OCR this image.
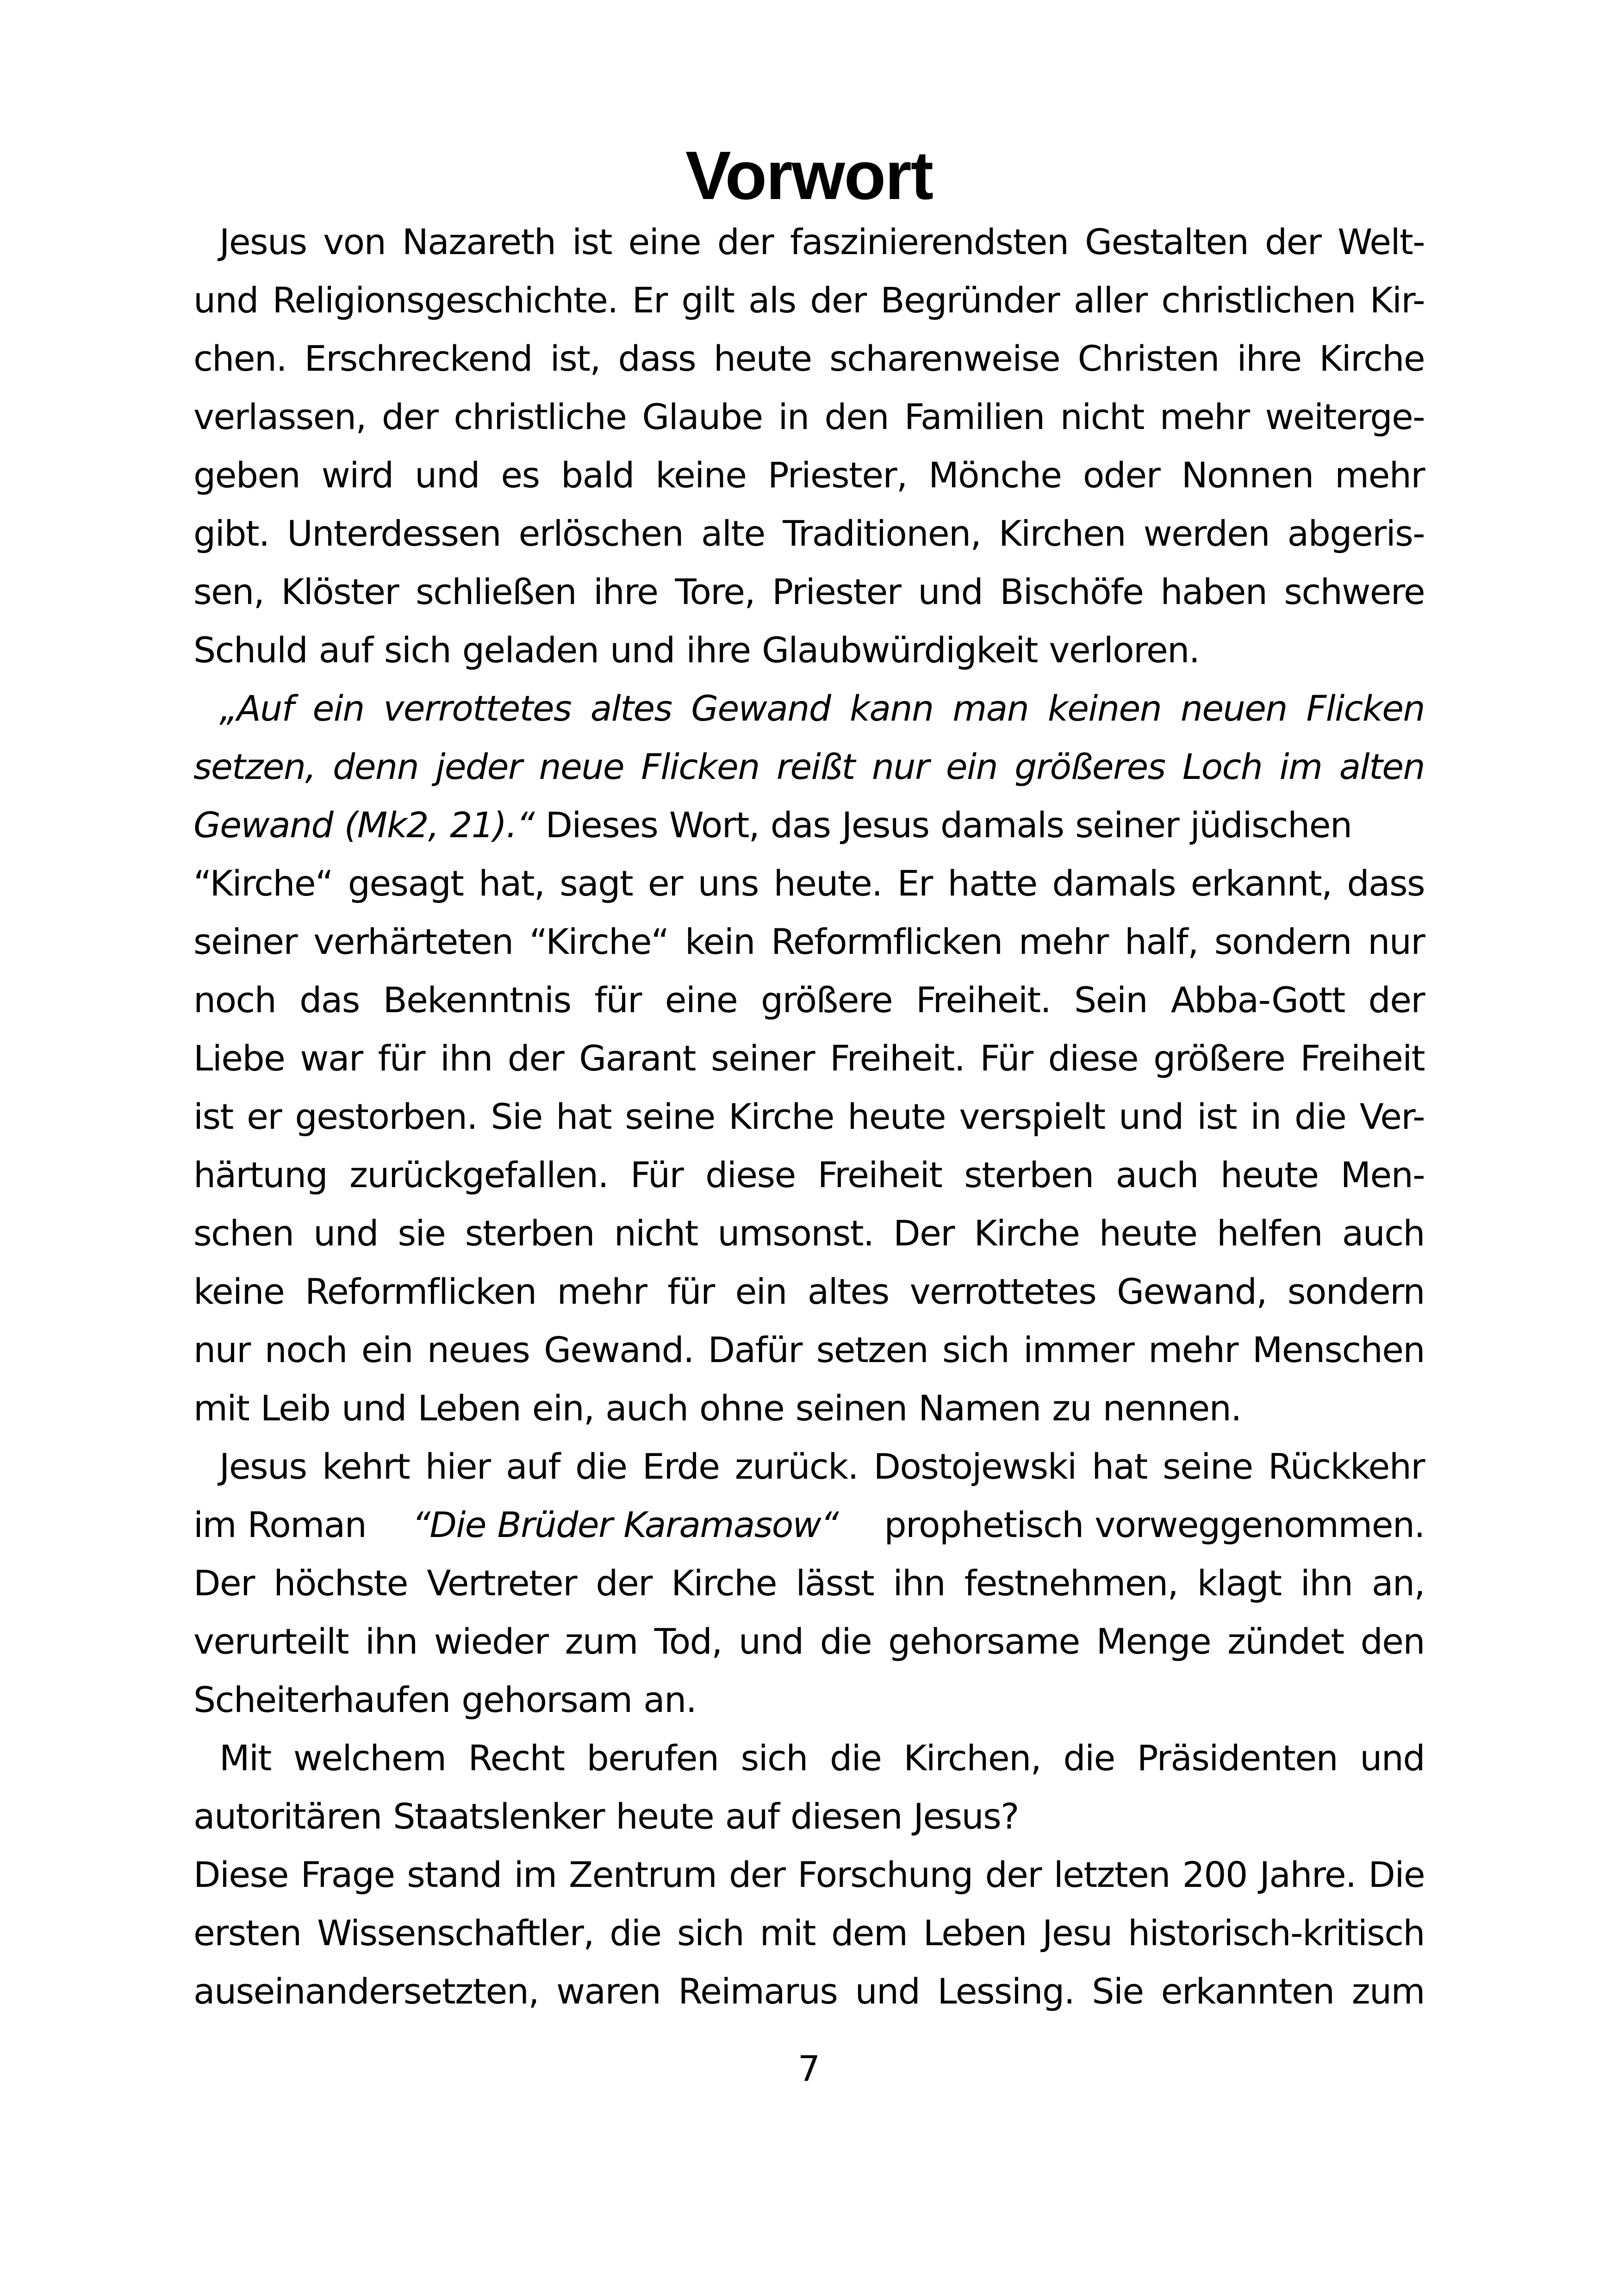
Vorwort
Jesus von Nazareth ist eine der faszinierendsten Gestalten der Welt-
und Religionsgeschichte. Er gilt als der Begründer aller christlichen Kir-
chen. Erschreckend ist, dass heute scharenweise Christen ihre Kirche
verlassen, der christliche Glaube in den Familien nicht mehr weiterge-
geben wird und es bald keine Priester, Mönche oder Nonnen mehr
gibt. Unterdessen erlöschen alte Traditionen, Kirchen werden abgeris-
sen, Klöster schließen ihre Tore, Priester und Bischöfe haben schwere
Schuld auf sich geladen und ihre Glaubwürdigkeit verloren.
„Auf ein verrottetes altes Gewand kann man keinen neuen Flicken
setzen, denn jeder neue Flicken reißt nur ein größeres Loch im alten
Gewand (Mk2, 21).“ Dieses Wort, das Jesus damals seiner jüdischen
“Kirche“ gesagt hat, sagt er uns heute. Er hatte damals erkannt, dass
seiner verhärteten “Kirche“ kein Reformflicken mehr half, sondern nur
noch das Bekenntnis für eine größere Freiheit. Sein Abba-Gott der
Liebe war für ihn der Garant seiner Freiheit. Für diese größere Freiheit
ist er gestorben. Sie hat seine Kirche heute verspielt und ist in die Ver-
härtung zurückgefallen. Für diese Freiheit sterben auch heute Men-
schen und sie sterben nicht umsonst. Der Kirche heute helfen auch
keine Reformflicken mehr für ein altes verrottetes Gewand, sondern
nur noch ein neues Gewand. Dafür setzen sich immer mehr Menschen
mit Leib und Leben ein, auch ohne seinen Namen zu nennen.
Jesus kehrt hier auf die Erde zurück. Dostojewski hat seine Rückkehr
im Roman “Die Brüder Karamasow“ prophetisch vorweggenommen.
Der höchste Vertreter der Kirche lässt ihn festnehmen, klagt ihn an,
verurteilt ihn wieder zum Tod, und die gehorsame Menge zündet den
Scheiterhaufen gehorsam an.
Mit welchem Recht berufen sich die Kirchen, die Präsidenten und
autoritären Staatslenker heute auf diesen Jesus?
Diese Frage stand im Zentrum der Forschung der letzten 200 Jahre. Die
ersten Wissenschaftler, die sich mit dem Leben Jesu historisch-kritisch
auseinandersetzten, waren Reimarus und Lessing. Sie erkannten zum
7
